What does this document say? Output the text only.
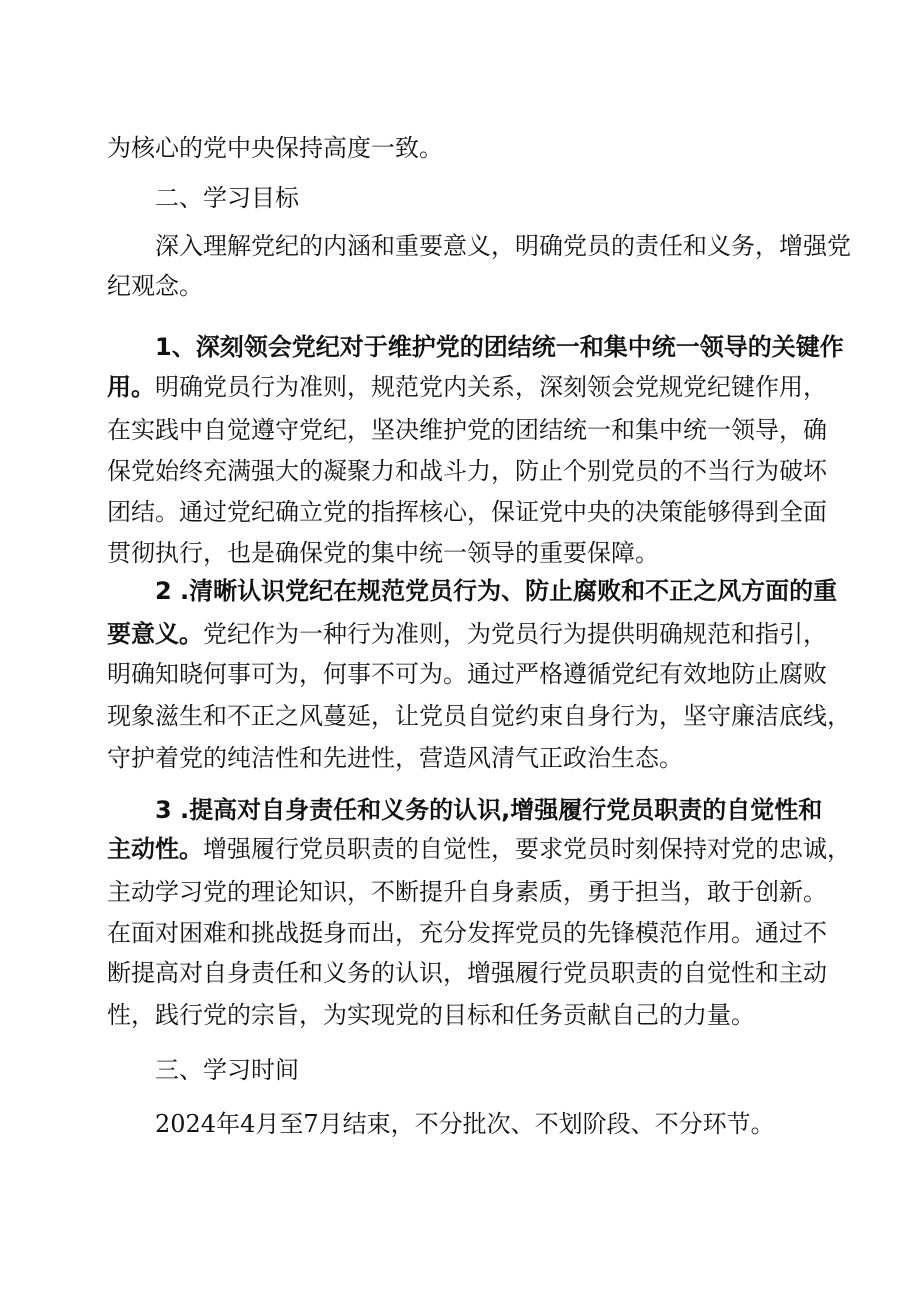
为核心的党中央保持高度一致。
二、学习目标
深入理解党纪的内涵和重要意义，明确党员的责任和义务，增强党
纪观念。
1、深刻领会党纪对于维护党的团结统一和集中统一领导的关键作
用。明确党员行为准则，规范党内关系，深刻领会党规党纪键作用，
在实践中自觉遵守党纪，坚决维护党的团结统一和集中统一领导，确
保党始终充满强大的凝聚力和战斗力，防止个别党员的不当行为破坏
团结。通过党纪确立党的指挥核心，保证党中央的决策能够得到全面
贯彻执行，也是确保党的集中统一领导的重要保障。
2 .清晰认识党纪在规范党员行为、防止腐败和不正之风方面的重
要意义。党纪作为一种行为准则，为党员行为提供明确规范和指引，
明确知晓何事可为，何事不可为。通过严格遵循党纪有效地防止腐败
现象滋生和不正之风蔓延，让党员自觉约束自身行为，坚守廉洁底线，
守护着党的纯洁性和先进性，营造风清气正政治生态。
3 .提高对自身责任和义务的认识,增强履行党员职责的自觉性和
主动性。增强履行党员职责的自觉性，要求党员时刻保持对党的忠诚，
主动学习党的理论知识，不断提升自身素质，勇于担当，敢于创新。
在面对困难和挑战挺身而出，充分发挥党员的先锋模范作用。通过不
断提高对自身责任和义务的认识，增强履行党员职责的自觉性和主动
性，践行党的宗旨，为实现党的目标和任务贡献自己的力量。
三、学习时间
2024年4月至7月结束，不分批次、不划阶段、不分环节。
